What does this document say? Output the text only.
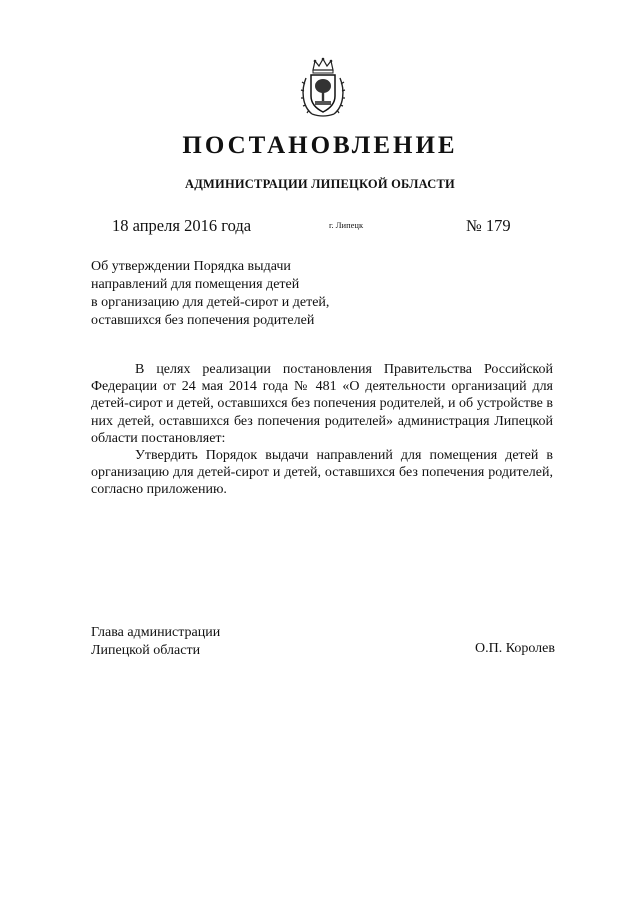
ПОСТАНОВЛЕНИЕ
АДМИНИСТРАЦИИ ЛИПЕЦКОЙ ОБЛАСТИ
18 апреля 2016 года	г. Липецк	№ 179
Об утверждении Порядка выдачи
направлений для помещения детей
в организацию для детей-сирот и детей,
оставшихся без попечения родителей

В целях реализации постановления Правительства Российской Федерации от 24 мая 2014 года № 481 «О деятельности организаций для детей-сирот и детей, оставшихся без попечения родителей, и об устройстве в них детей, оставшихся без попечения родителей» администрация Липецкой области постановляет:

Утвердить Порядок выдачи направлений для помещения детей в организацию для детей-сирот и детей, оставшихся без попечения родителей, согласно приложению.

Глава администрации
Липецкой области	О.П. Королев
